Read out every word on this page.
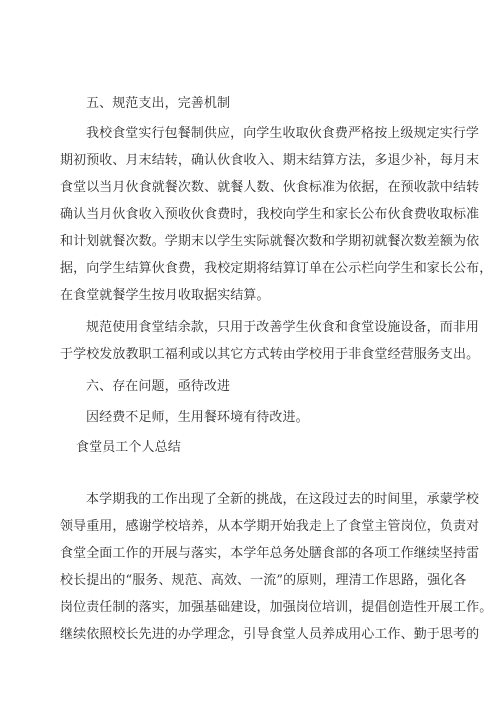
五、规范支出，完善机制
我校食堂实行包餐制供应，向学生收取伙食费严格按上级规定实行学
期初预收、月末结转，确认伙食收入、期末结算方法，多退少补，每月末
食堂以当月伙食就餐次数、就餐人数、伙食标准为依据，在预收款中结转
确认当月伙食收入预收伙食费时，我校向学生和家长公布伙食费收取标准
和计划就餐次数。学期末以学生实际就餐次数和学期初就餐次数差额为依
据，向学生结算伙食费，我校定期将结算订单在公示栏向学生和家长公布，
在食堂就餐学生按月收取据实结算。
规范使用食堂结余款，只用于改善学生伙食和食堂设施设备，而非用
于学校发放教职工福利或以其它方式转由学校用于非食堂经营服务支出。
六、存在问题，亟待改进
因经费不足师，生用餐环境有待改进。
食堂员工个人总结
本学期我的工作出现了全新的挑战，在这段过去的时间里，承蒙学校
领导重用，感谢学校培养，从本学期开始我走上了食堂主管岗位，负责对
食堂全面工作的开展与落实，本学年总务处膳食部的各项工作继续坚持雷
校长提出的“服务、规范、高效、一流”的原则，理清工作思路，强化各
岗位责任制的落实，加强基础建设，加强岗位培训，提倡创造性开展工作。
继续依照校长先进的办学理念，引导食堂人员养成用心工作、勤于思考的
